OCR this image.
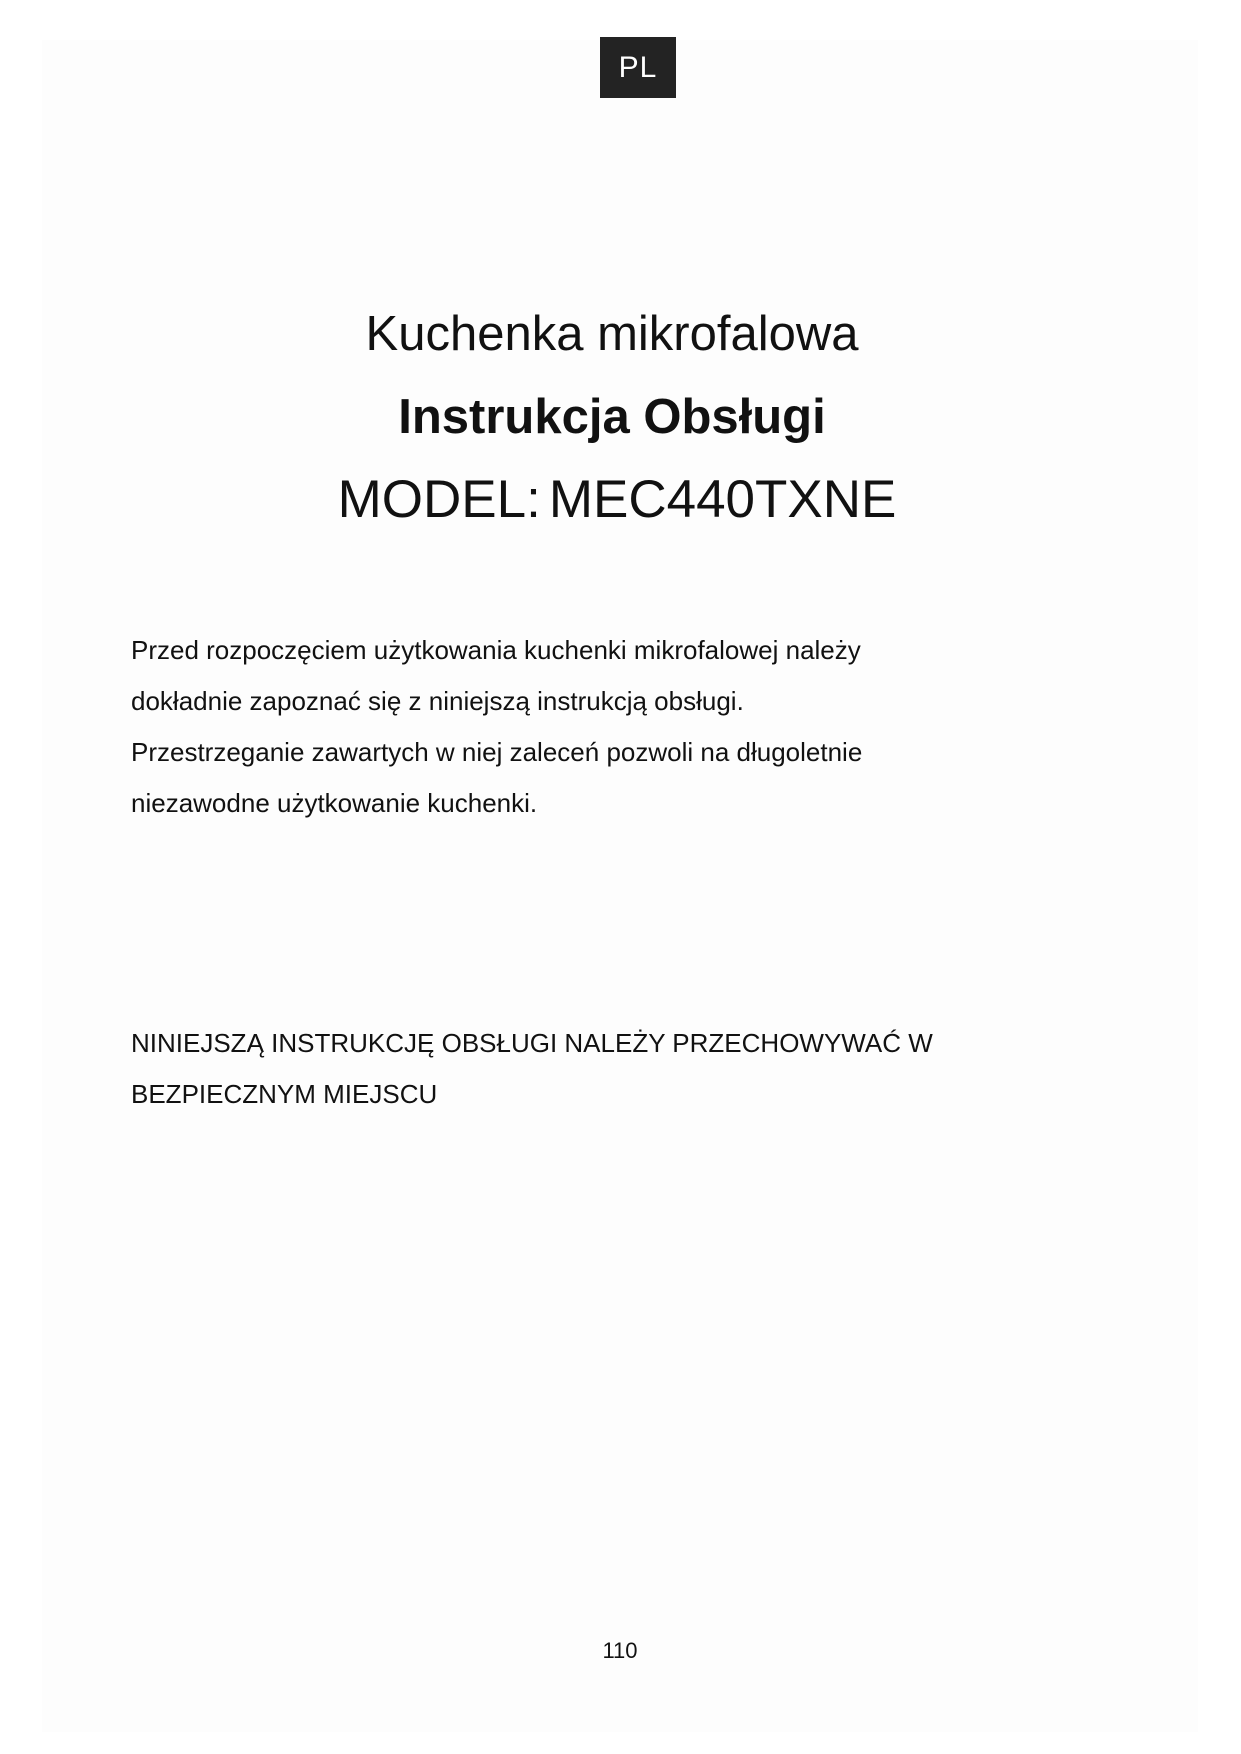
PL
Kuchenka mikrofalowa
Instrukcja Obsługi
MODEL: MEC440TXNE

Przed rozpoczęciem użytkowania kuchenki mikrofalowej należy
dokładnie zapoznać się z niniejszą instrukcją obsługi.
Przestrzeganie zawartych w niej zaleceń pozwoli na długoletnie
niezawodne użytkowanie kuchenki.

NINIEJSZĄ INSTRUKCJĘ OBSŁUGI NALEŻY PRZECHOWYWAĆ W
BEZPIECZNYM MIEJSCU

110
